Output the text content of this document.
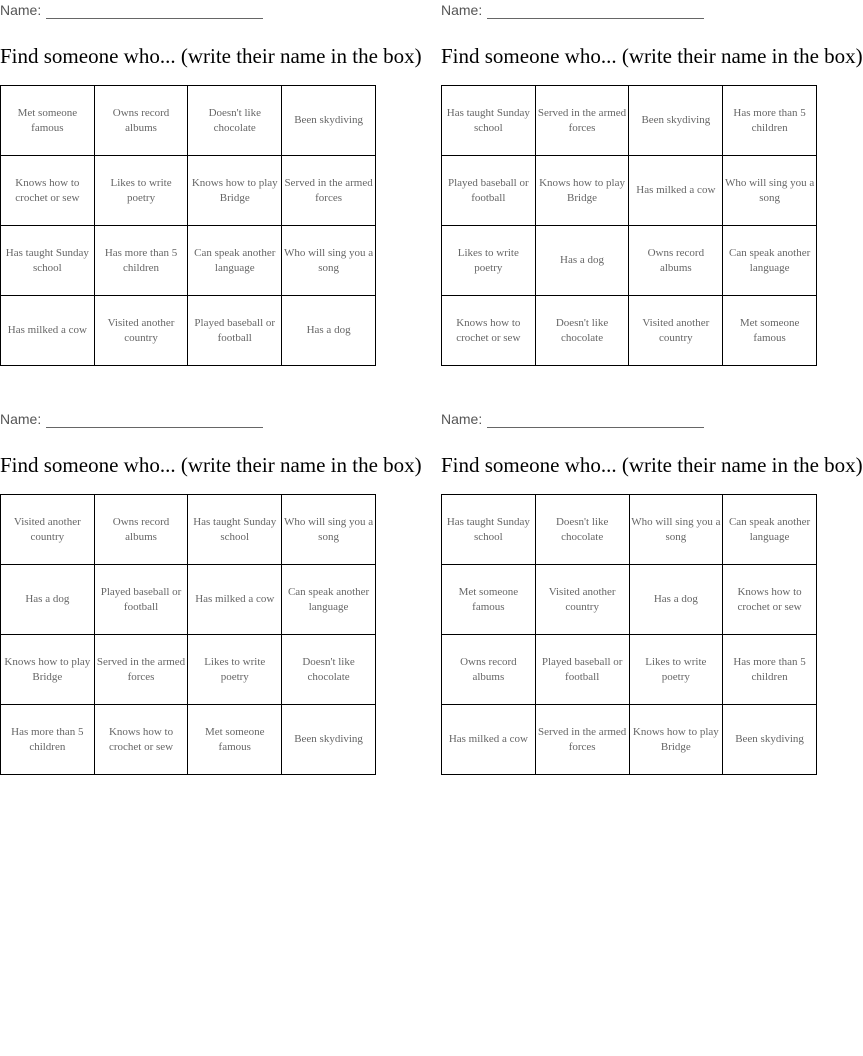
Name:
Find someone who... (write their name in the box)
Met someone famous	Owns record albums	Doesn't like chocolate	Been skydiving
Knows how to crochet or sew	Likes to write poetry	Knows how to play Bridge	Served in the armed forces
Has taught Sunday school	Has more than 5 children	Can speak another language	Who will sing you a song
Has milked a cow	Visited another country	Played baseball or football	Has a dog
Name:
Find someone who... (write their name in the box)
Has taught Sunday school	Served in the armed forces	Been skydiving	Has more than 5 children
Played baseball or football	Knows how to play Bridge	Has milked a cow	Who will sing you a song
Likes to write poetry	Has a dog	Owns record albums	Can speak another language
Knows how to crochet or sew	Doesn't like chocolate	Visited another country	Met someone famous
Name:
Find someone who... (write their name in the box)
Visited another country	Owns record albums	Has taught Sunday school	Who will sing you a song
Has a dog	Played baseball or football	Has milked a cow	Can speak another language
Knows how to play Bridge	Served in the armed forces	Likes to write poetry	Doesn't like chocolate
Has more than 5 children	Knows how to crochet or sew	Met someone famous	Been skydiving
Name:
Find someone who... (write their name in the box)
Has taught Sunday school	Doesn't like chocolate	Who will sing you a song	Can speak another language
Met someone famous	Visited another country	Has a dog	Knows how to crochet or sew
Owns record albums	Played baseball or football	Likes to write poetry	Has more than 5 children
Has milked a cow	Served in the armed forces	Knows how to play Bridge	Been skydiving
